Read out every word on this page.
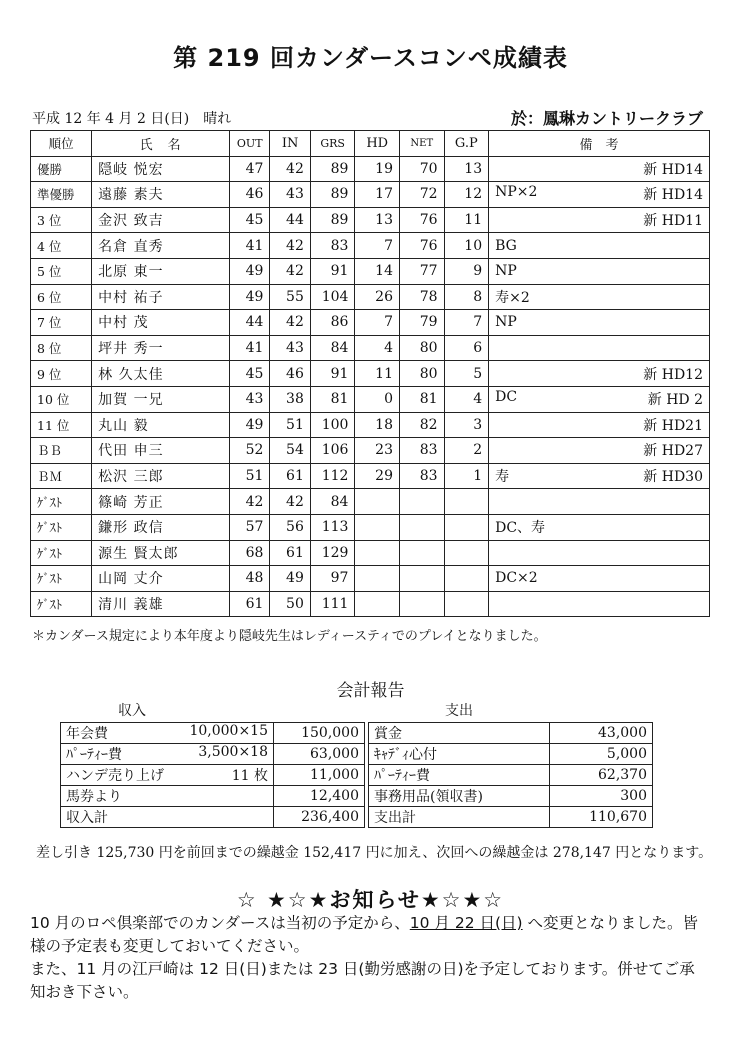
第 219 回カンダースコンペ成績表
平成 12 年 4 月 2 日(日)　晴れ	於：鳳琳カントリークラブ
順位	氏　名	OUT	IN	GRS	HD	NET	G.P	備　考
優勝	隠岐 悦宏	47	42	89	19	70	13	新 HD14

準優勝	遠藤 素夫	46	43	89	17	72	12	NP×2 新 HD14

3 位	金沢 致吉	45	44	89	13	76	11	新 HD11

4 位	名倉 直秀	41	42	83	7	76	10	BG

5 位	北原 東一	49	42	91	14	77	9	NP

6 位	中村 祐子	49	55	104	26	78	8	寿×2

7 位	中村 茂	44	42	86	7	79	7	NP

8 位	坪井 秀一	41	43	84	4	80	6	

9 位	林 久太佳	45	46	91	11	80	5	新 HD12

10 位	加賀 一兄	43	38	81	0	81	4	DC 新 HD 2

11 位	丸山 毅	49	51	100	18	82	3	新 HD21

ＢＢ	代田 申三	52	54	106	23	83	2	新 HD27

ＢＭ	松沢 三郎	51	61	112	29	83	1	寿 新 HD30

ｹﾞｽﾄ	篠崎 芳正	42	42	84				

ｹﾞｽﾄ	鎌形 政信	57	56	113				DC、寿

ｹﾞｽﾄ	源生 賢太郎	68	61	129				

ｹﾞｽﾄ	山岡 丈介	48	49	97				DC×2

ｹﾞｽﾄ	清川 義雄	61	50	111				
＊カンダース規定により本年度より隠岐先生はレディースティでのプレイとなりました。
会計報告
収入	支出
年会費 10,000×15	150,000
ﾊﾟｰﾃｨｰ費 3,500×18	63,000
ハンデ売り上げ 11 枚	11,000
馬券より	12,400
収入計	236,400
賞金	43,000
ｷｬﾃﾞｨ心付	5,000
ﾊﾟｰﾃｨｰ費	62,370
事務用品(領収書)	300
支出計	110,670
差し引き 125,730 円を前回までの繰越金 152,417 円に加え、次回への繰越金は 278,147 円となります。
☆ ★☆★お知らせ★☆★☆
10 月のロペ倶楽部でのカンダースは当初の予定から、10 月 22 日(日) へ変更となりました。皆様の予定表も変更しておいてください。
また、11 月の江戸崎は 12 日(日)または 23 日(勤労感謝の日)を予定しております。併せてご承知おき下さい。
